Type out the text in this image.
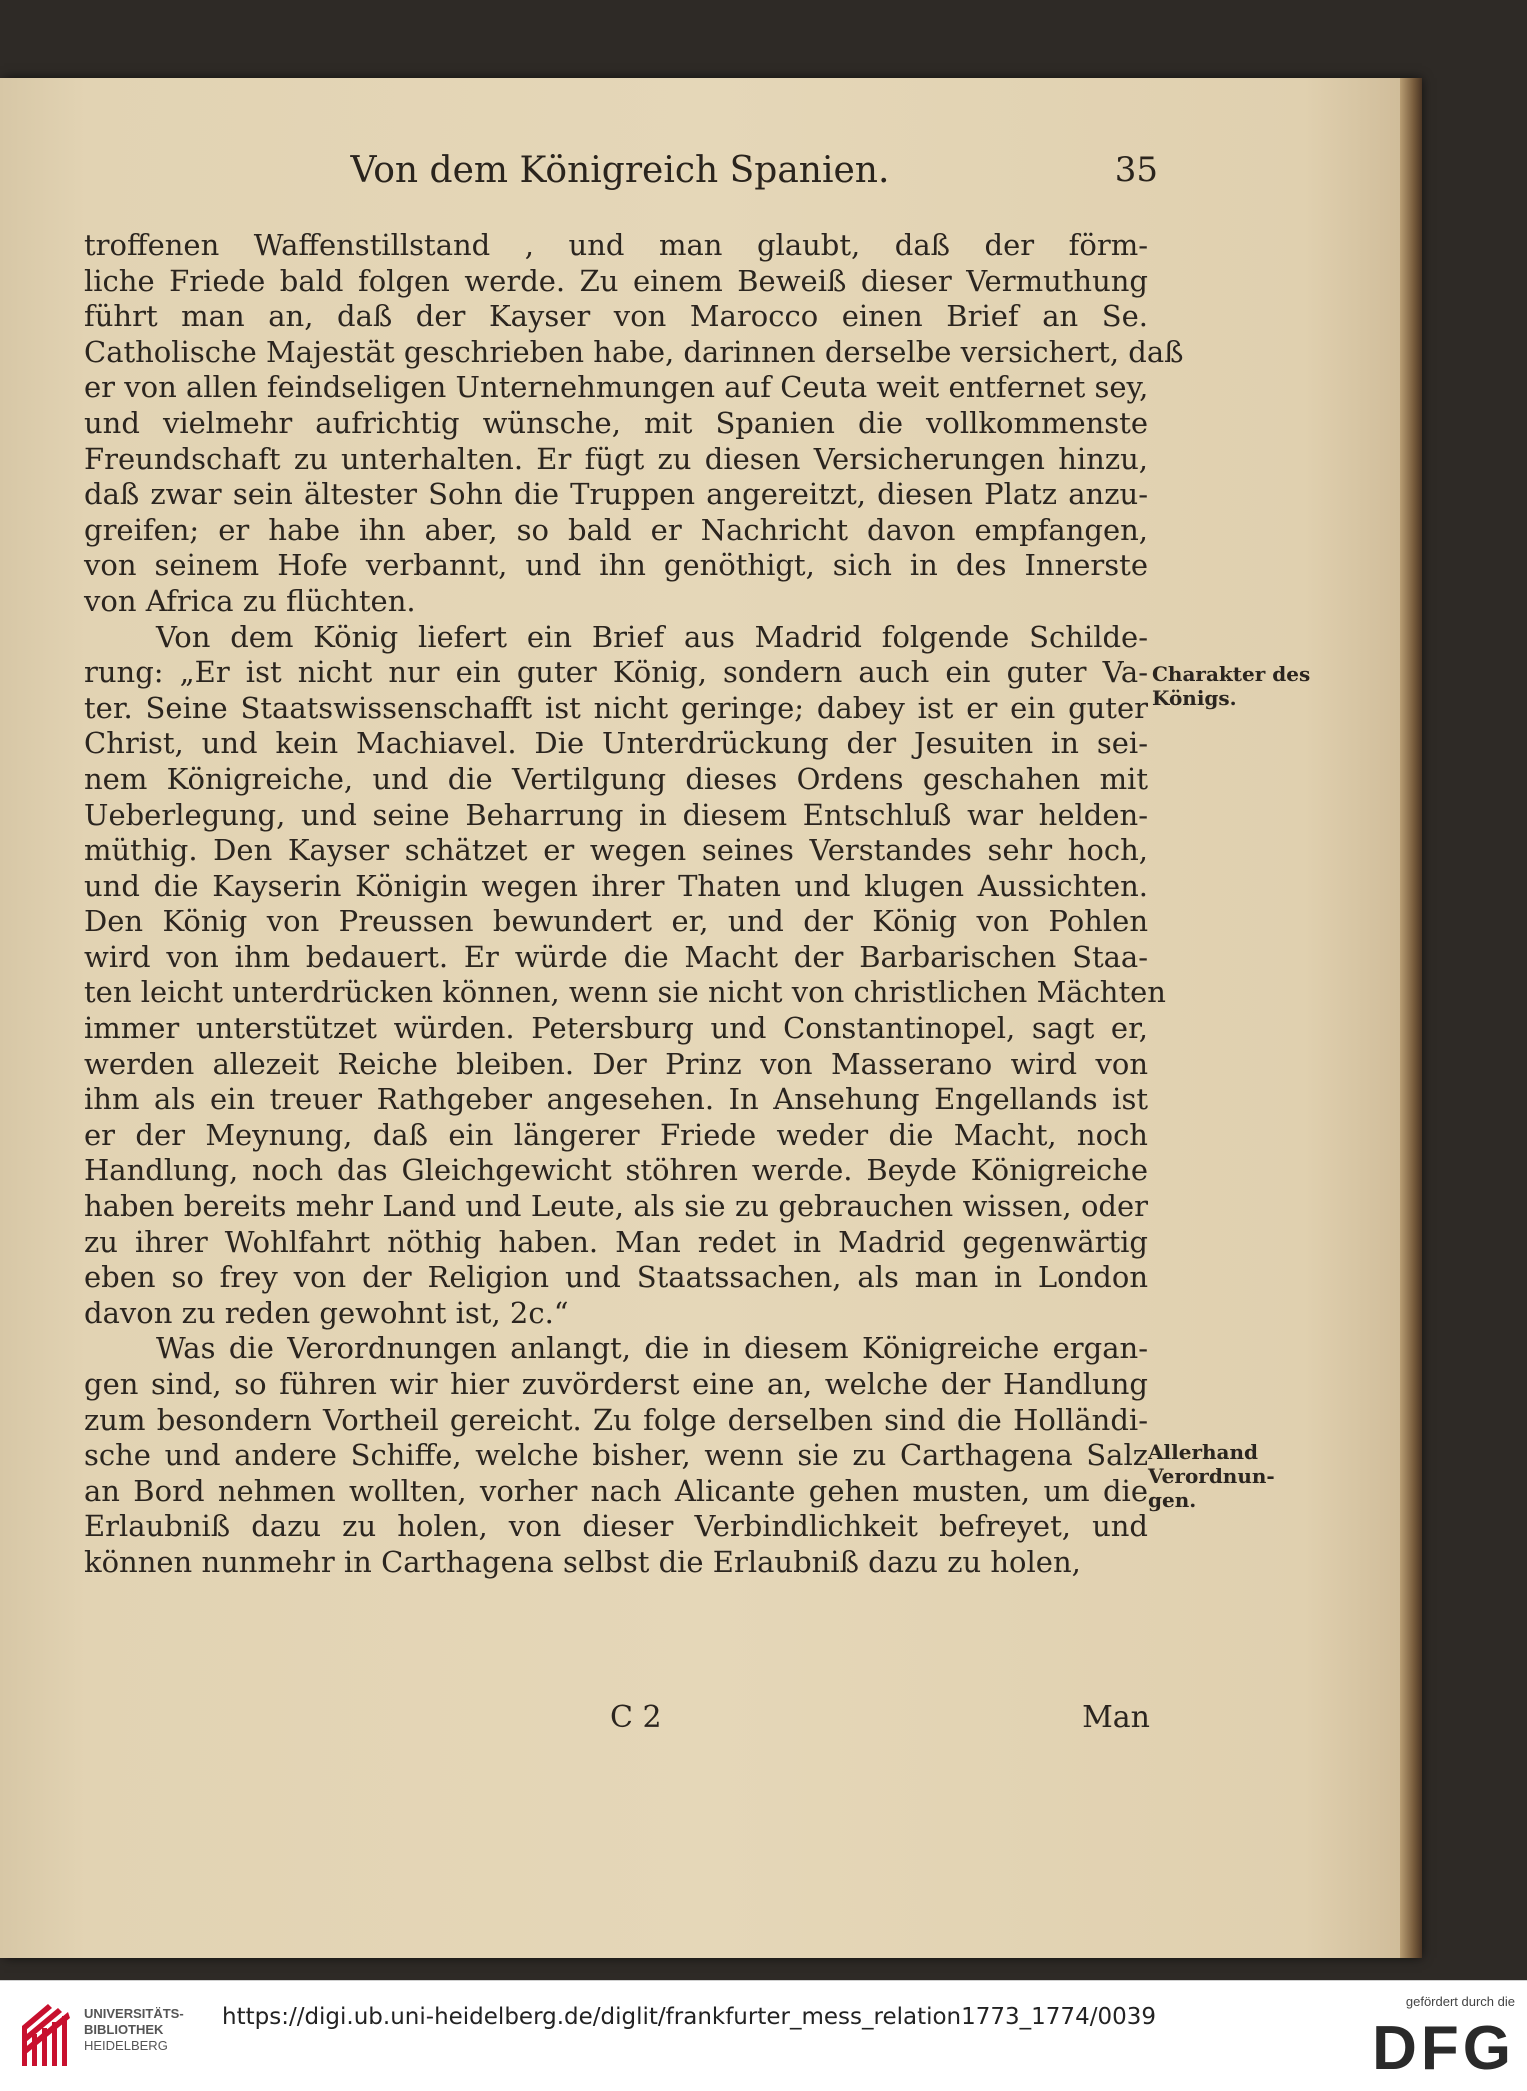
Von dem Königreich Spanien.	35
troffenen Waffenstillstand , und man glaubt, daß der förm-
liche Friede bald folgen werde. Zu einem Beweiß dieser Vermuthung
führt man an, daß der Kayser von Marocco einen Brief an Se.
Catholische Majestät geschrieben habe, darinnen derselbe versichert, daß
er von allen feindseligen Unternehmungen auf Ceuta weit entfernet sey,
und vielmehr aufrichtig wünsche, mit Spanien die vollkommenste
Freundschaft zu unterhalten. Er fügt zu diesen Versicherungen hinzu,
daß zwar sein ältester Sohn die Truppen angereitzt, diesen Platz anzu-
greifen; er habe ihn aber, so bald er Nachricht davon empfangen,
von seinem Hofe verbannt, und ihn genöthigt, sich in des Innerste
von Africa zu flüchten.
Von dem König liefert ein Brief aus Madrid folgende Schilde-
rung: „Er ist nicht nur ein guter König, sondern auch ein guter Va-
ter. Seine Staatswissenschafft ist nicht geringe; dabey ist er ein guter
Christ, und kein Machiavel. Die Unterdrückung der Jesuiten in sei-
nem Königreiche, und die Vertilgung dieses Ordens geschahen mit
Ueberlegung, und seine Beharrung in diesem Entschluß war helden-
müthig. Den Kayser schätzet er wegen seines Verstandes sehr hoch,
und die Kayserin Königin wegen ihrer Thaten und klugen Aussichten.
Den König von Preussen bewundert er, und der König von Pohlen
wird von ihm bedauert. Er würde die Macht der Barbarischen Staa-
ten leicht unterdrücken können, wenn sie nicht von christlichen Mächten
immer unterstützet würden. Petersburg und Constantinopel, sagt er,
werden allezeit Reiche bleiben. Der Prinz von Masserano wird von
ihm als ein treuer Rathgeber angesehen. In Ansehung Engellands ist
er der Meynung, daß ein längerer Friede weder die Macht, noch
Handlung, noch das Gleichgewicht stöhren werde. Beyde Königreiche
haben bereits mehr Land und Leute, als sie zu gebrauchen wissen, oder
zu ihrer Wohlfahrt nöthig haben. Man redet in Madrid gegenwärtig
eben so frey von der Religion und Staatssachen, als man in London
davon zu reden gewohnt ist, 2c.“
Was die Verordnungen anlangt, die in diesem Königreiche ergan-
gen sind, so führen wir hier zuvörderst eine an, welche der Handlung
zum besondern Vortheil gereicht. Zu folge derselben sind die Holländi-
sche und andere Schiffe, welche bisher, wenn sie zu Carthagena Salz
an Bord nehmen wollten, vorher nach Alicante gehen musten, um die
Erlaubniß dazu zu holen, von dieser Verbindlichkeit befreyet, und
können nunmehr in Carthagena selbst die Erlaubniß dazu zu holen,
Charakter des
Königs.
Allerhand
Verordnun-
gen.
C 2	Man
UNIVERSITÄTS-
BIBLIOTHEK
HEIDELBERG
https://digi.ub.uni-heidelberg.de/diglit/frankfurter_mess_relation1773_1774/0039
gefördert durch die
DFG
